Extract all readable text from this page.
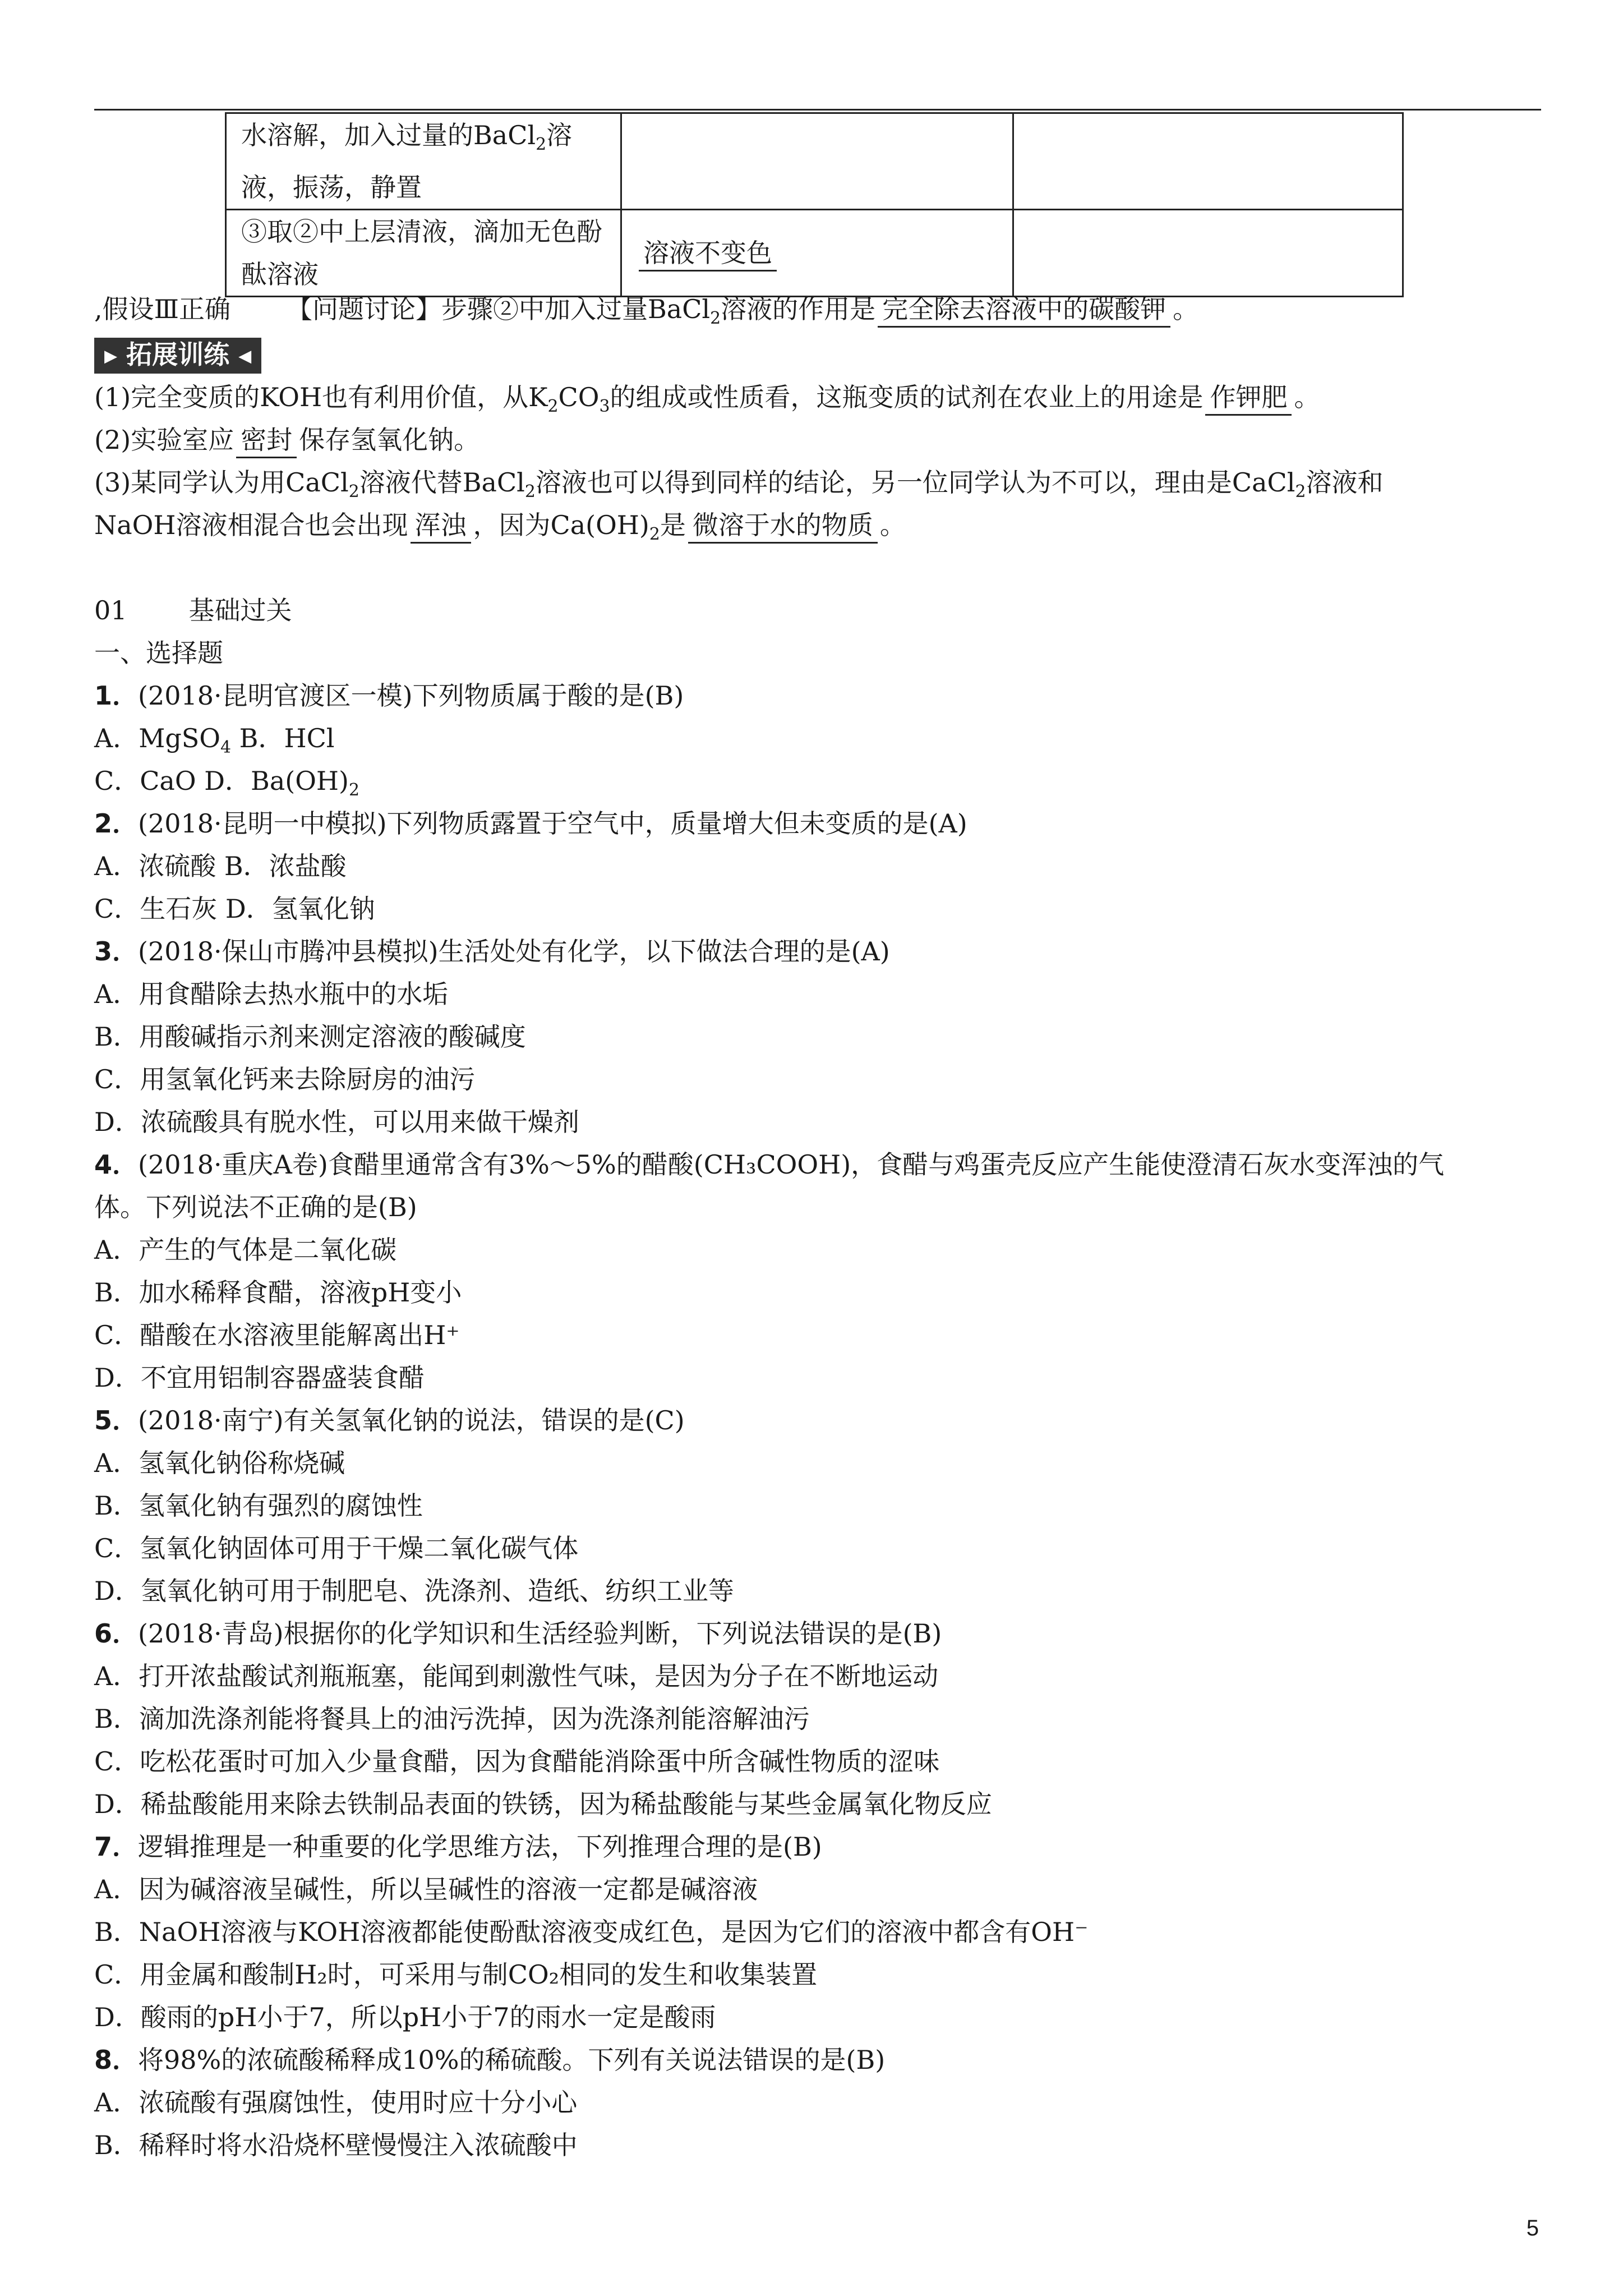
水溶解，加入过量的BaCl$_2$溶液，振荡，静置		
③取②中上层清液，滴加无色酚酞溶液	溶液不变色	
,假设Ⅲ正确 【问题讨论】步骤②中加入过量BaCl$_2$溶液的作用是 完全除去溶液中的碳酸钾 。
▶ 拓展训练 ◀
(1)完全变质的KOH也有利用价值，从$K_2CO_3$的组成或性质看，这瓶变质的试剂在农业上的用途是 作钾肥 。
(2)实验室应 密封 保存氢氧化钠。
(3)某同学认为用CaCl$_2$溶液代替BaCl$_2$溶液也可以得到同样的结论，另一位同学认为不可以，理由是CaCl$_2$溶液和
NaOH溶液相混合也会出现 浑浊 ，因为$Ca(OH)_2$是 微溶于水的物质 。
01 基础过关
一、选择题
1．(2018·昆明官渡区一模)下列物质属于酸的是(B)
A．MgSO$_4$ B．HCl
C．CaO D．$Ba(OH)_2$
2．(2018·昆明一中模拟)下列物质露置于空气中，质量增大但未变质的是(A)
A．浓硫酸 B．浓盐酸
C．生石灰 D．氢氧化钠
3．(2018·保山市腾冲县模拟)生活处处有化学，以下做法合理的是(A)
A．用食醋除去热水瓶中的水垢
B．用酸碱指示剂来测定溶液的酸碱度
C．用氢氧化钙来去除厨房的油污
D．浓硫酸具有脱水性，可以用来做干燥剂
4．(2018·重庆A卷)食醋里通常含有3%～5%的醋酸(CH₃COOH)，食醋与鸡蛋壳反应产生能使澄清石灰水变浑浊的气
体。下列说法不正确的是(B)
A．产生的气体是二氧化碳
B．加水稀释食醋，溶液pH变小
C．醋酸在水溶液里能解离出H⁺
D．不宜用铝制容器盛装食醋
5．(2018·南宁)有关氢氧化钠的说法，错误的是(C)
A．氢氧化钠俗称烧碱
B．氢氧化钠有强烈的腐蚀性
C．氢氧化钠固体可用于干燥二氧化碳气体
D．氢氧化钠可用于制肥皂、洗涤剂、造纸、纺织工业等
6．(2018·青岛)根据你的化学知识和生活经验判断，下列说法错误的是(B)
A．打开浓盐酸试剂瓶瓶塞，能闻到刺激性气味，是因为分子在不断地运动
B．滴加洗涤剂能将餐具上的油污洗掉，因为洗涤剂能溶解油污
C．吃松花蛋时可加入少量食醋，因为食醋能消除蛋中所含碱性物质的涩味
D．稀盐酸能用来除去铁制品表面的铁锈，因为稀盐酸能与某些金属氧化物反应
7．逻辑推理是一种重要的化学思维方法，下列推理合理的是(B)
A．因为碱溶液呈碱性，所以呈碱性的溶液一定都是碱溶液
B．NaOH溶液与KOH溶液都能使酚酞溶液变成红色，是因为它们的溶液中都含有OH⁻
C．用金属和酸制H₂时，可采用与制CO₂相同的发生和收集装置
D．酸雨的pH小于7，所以pH小于7的雨水一定是酸雨
8．将98%的浓硫酸稀释成10%的稀硫酸。下列有关说法错误的是(B)
A．浓硫酸有强腐蚀性，使用时应十分小心
B．稀释时将水沿烧杯壁慢慢注入浓硫酸中
5
